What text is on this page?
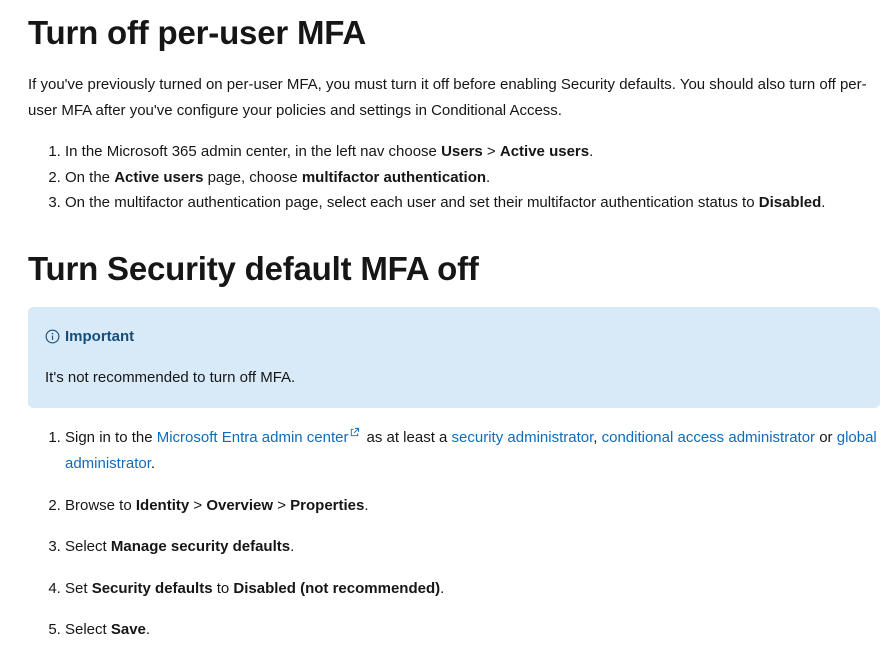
Turn off per-user MFA

If you've previously turned on per-user MFA, you must turn it off before enabling Security defaults. You should also turn off per-user MFA after you've configure your policies and settings in Conditional Access.

1. In the Microsoft 365 admin center, in the left nav choose Users > Active users.
2. On the Active users page, choose multifactor authentication.
3. On the multifactor authentication page, select each user and set their multifactor authentication status to Disabled.
Turn Security default MFA off
Important
It's not recommended to turn off MFA.
1. Sign in to the Microsoft Entra admin center as at least a security administrator, conditional access administrator or global administrator.
2. Browse to Identity > Overview > Properties.
3. Select Manage security defaults.
4. Set Security defaults to Disabled (not recommended).
5. Select Save.
